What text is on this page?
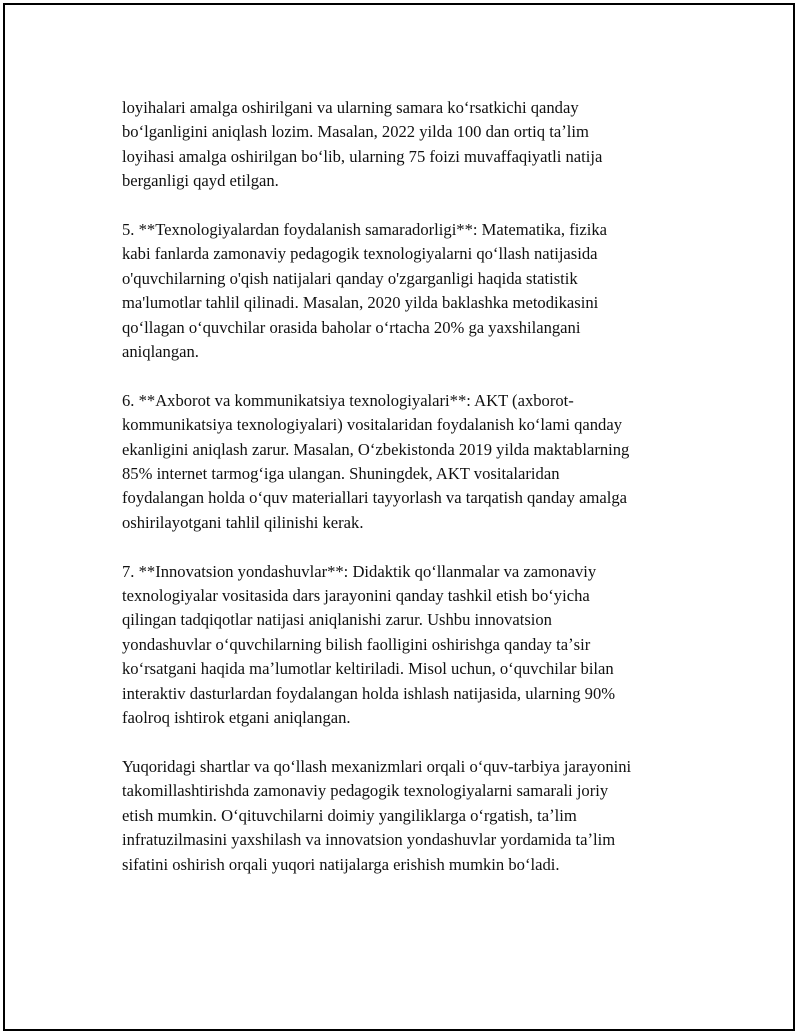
loyihalari amalga oshirilgani va ularning samara koʻrsatkichi qanday
boʻlganligini aniqlash lozim. Masalan, 2022 yilda 100 dan ortiq taʼlim
loyihasi amalga oshirilgan boʻlib, ularning 75 foizi muvaffaqiyatli natija
berganligi qayd etilgan.

5. **Texnologiyalardan foydalanish samaradorligi**: Matematika, fizika
kabi fanlarda zamonaviy pedagogik texnologiyalarni qoʻllash natijasida
o'quvchilarning o'qish natijalari qanday o'zgarganligi haqida statistik
ma'lumotlar tahlil qilinadi. Masalan, 2020 yilda baklashka metodikasini
qoʻllagan oʻquvchilar orasida baholar oʻrtacha 20% ga yaxshilangani
aniqlangan.

6. **Axborot va kommunikatsiya texnologiyalari**: AKT (axborot-
kommunikatsiya texnologiyalari) vositalaridan foydalanish koʻlami qanday
ekanligini aniqlash zarur. Masalan, Oʻzbekistonda 2019 yilda maktablarning
85% internet tarmogʻiga ulangan. Shuningdek, AKT vositalaridan
foydalangan holda oʻquv materiallari tayyorlash va tarqatish qanday amalga
oshirilayotgani tahlil qilinishi kerak.

7. **Innovatsion yondashuvlar**: Didaktik qoʻllanmalar va zamonaviy
texnologiyalar vositasida dars jarayonini qanday tashkil etish boʻyicha
qilingan tadqiqotlar natijasi aniqlanishi zarur. Ushbu innovatsion
yondashuvlar oʻquvchilarning bilish faolligini oshirishga qanday taʼsir
koʻrsatgani haqida maʼlumotlar keltiriladi. Misol uchun, oʻquvchilar bilan
interaktiv dasturlardan foydalangan holda ishlash natijasida, ularning 90%
faolroq ishtirok etgani aniqlangan.

Yuqoridagi shartlar va qoʻllash mexanizmlari orqali oʻquv-tarbiya jarayonini
takomillashtirishda zamonaviy pedagogik texnologiyalarni samarali joriy
etish mumkin. Oʻqituvchilarni doimiy yangiliklarga oʻrgatish, taʼlim
infratuzilmasini yaxshilash va innovatsion yondashuvlar yordamida taʼlim
sifatini oshirish orqali yuqori natijalarga erishish mumkin boʻladi.
